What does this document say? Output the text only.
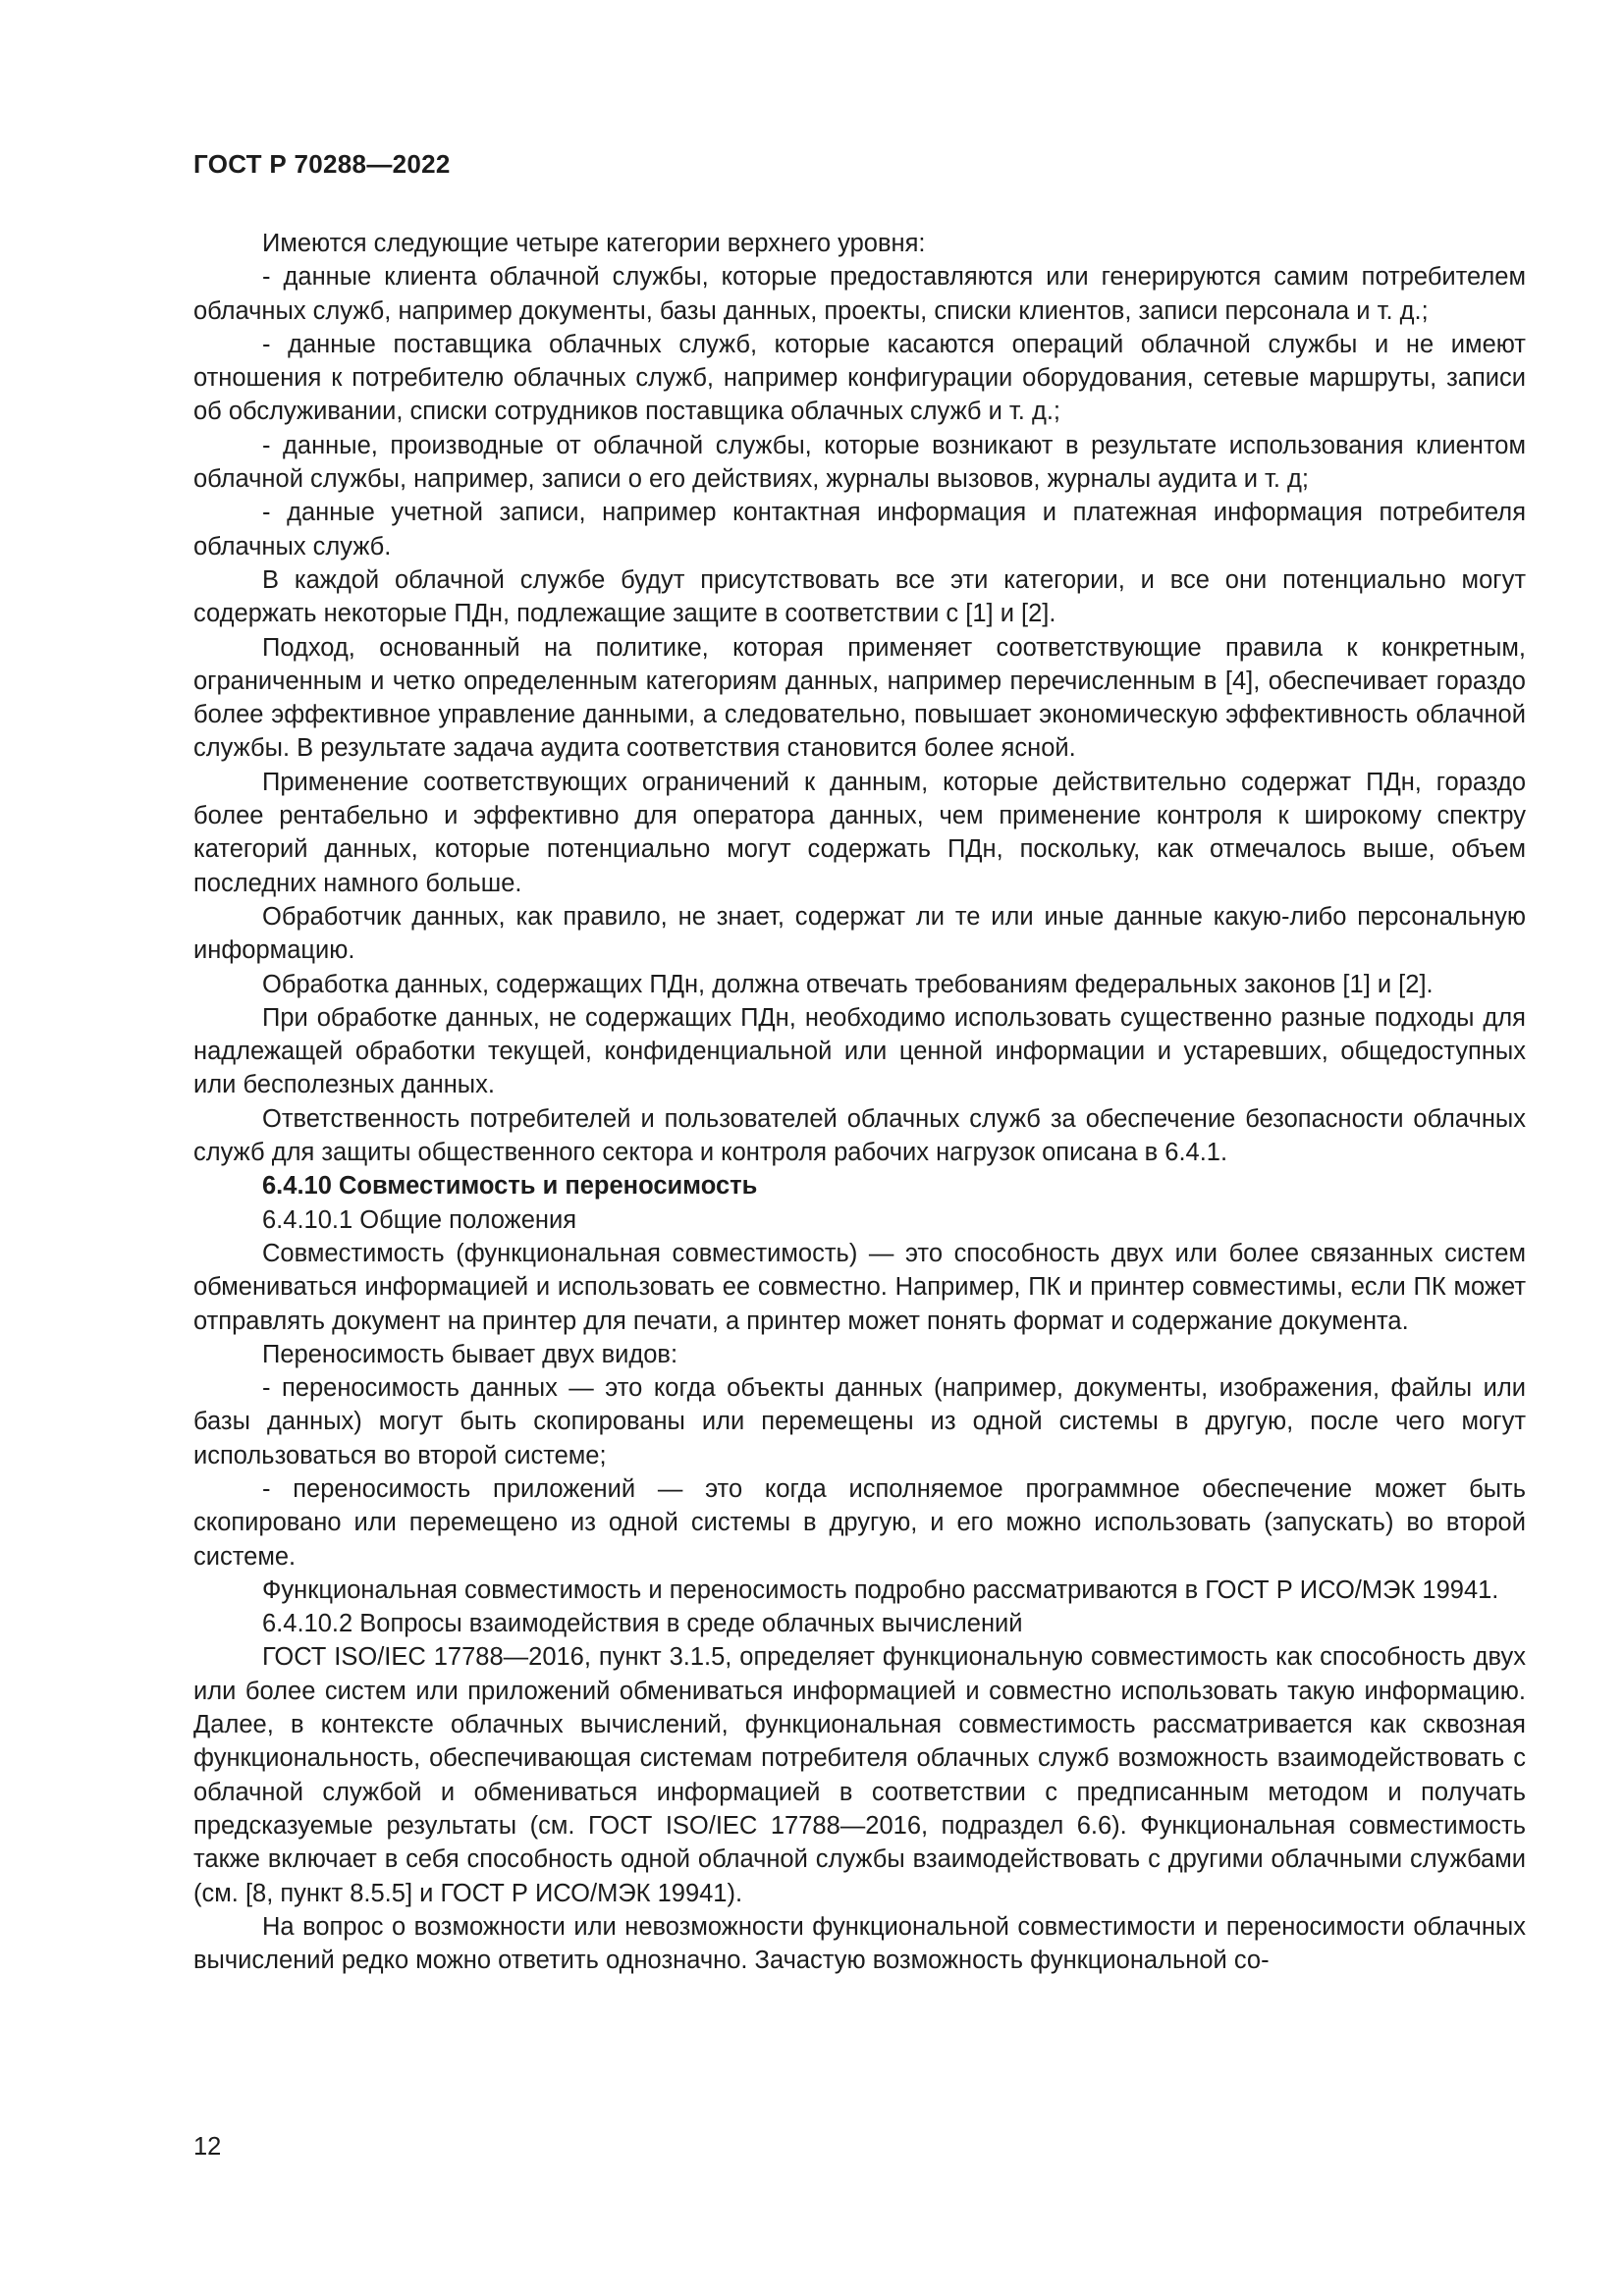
ГОСТ Р 70288—2022

Имеются следующие четыре категории верхнего уровня:

- данные клиента облачной службы, которые предоставляются или генерируются самим потребителем облачных служб, например документы, базы данных, проекты, списки клиентов, записи персонала и т. д.;

- данные поставщика облачных служб, которые касаются операций облачной службы и не имеют отношения к потребителю облачных служб, например конфигурации оборудования, сетевые маршруты, записи об обслуживании, списки сотрудников поставщика облачных служб и т. д.;

- данные, производные от облачной службы, которые возникают в результате использования клиентом облачной службы, например, записи о его действиях, журналы вызовов, журналы аудита и т. д;

- данные учетной записи, например контактная информация и платежная информация потребителя облачных служб.

В каждой облачной службе будут присутствовать все эти категории, и все они потенциально могут содержать некоторые ПДн, подлежащие защите в соответствии с [1] и [2].

Подход, основанный на политике, которая применяет соответствующие правила к конкретным, ограниченным и четко определенным категориям данных, например перечисленным в [4], обеспечивает гораздо более эффективное управление данными, а следовательно, повышает экономическую эффективность облачной службы. В результате задача аудита соответствия становится более ясной.

Применение соответствующих ограничений к данным, которые действительно содержат ПДн, гораздо более рентабельно и эффективно для оператора данных, чем применение контроля к широкому спектру категорий данных, которые потенциально могут содержать ПДн, поскольку, как отмечалось выше, объем последних намного больше.

Обработчик данных, как правило, не знает, содержат ли те или иные данные какую-либо персональную информацию.

Обработка данных, содержащих ПДн, должна отвечать требованиям федеральных законов [1] и [2].

При обработке данных, не содержащих ПДн, необходимо использовать существенно разные подходы для надлежащей обработки текущей, конфиденциальной или ценной информации и устаревших, общедоступных или бесполезных данных.

Ответственность потребителей и пользователей облачных служб за обеспечение безопасности облачных служб для защиты общественного сектора и контроля рабочих нагрузок описана в 6.4.1.

6.4.10 Совместимость и переносимость

6.4.10.1 Общие положения

Совместимость (функциональная совместимость) — это способность двух или более связанных систем обмениваться информацией и использовать ее совместно. Например, ПК и принтер совместимы, если ПК может отправлять документ на принтер для печати, а принтер может понять формат и содержание документа.

Переносимость бывает двух видов:

- переносимость данных — это когда объекты данных (например, документы, изображения, файлы или базы данных) могут быть скопированы или перемещены из одной системы в другую, после чего могут использоваться во второй системе;

- переносимость приложений — это когда исполняемое программное обеспечение может быть скопировано или перемещено из одной системы в другую, и его можно использовать (запускать) во второй системе.

Функциональная совместимость и переносимость подробно рассматриваются в ГОСТ Р ИСО/МЭК 19941.

6.4.10.2 Вопросы взаимодействия в среде облачных вычислений

ГОСТ ISO/IEC 17788—2016, пункт 3.1.5, определяет функциональную совместимость как способность двух или более систем или приложений обмениваться информацией и совместно использовать такую информацию. Далее, в контексте облачных вычислений, функциональная совместимость рассматривается как сквозная функциональность, обеспечивающая системам потребителя облачных служб возможность взаимодействовать с облачной службой и обмениваться информацией в соответствии с предписанным методом и получать предсказуемые результаты (см. ГОСТ ISO/IEC 17788—2016, подраздел 6.6). Функциональная совместимость также включает в себя способность одной облачной службы взаимодействовать с другими облачными службами (см. [8, пункт 8.5.5] и ГОСТ Р ИСО/МЭК 19941).

На вопрос о возможности или невозможности функциональной совместимости и переносимости облачных вычислений редко можно ответить однозначно. Зачастую возможность функциональной со-

12
